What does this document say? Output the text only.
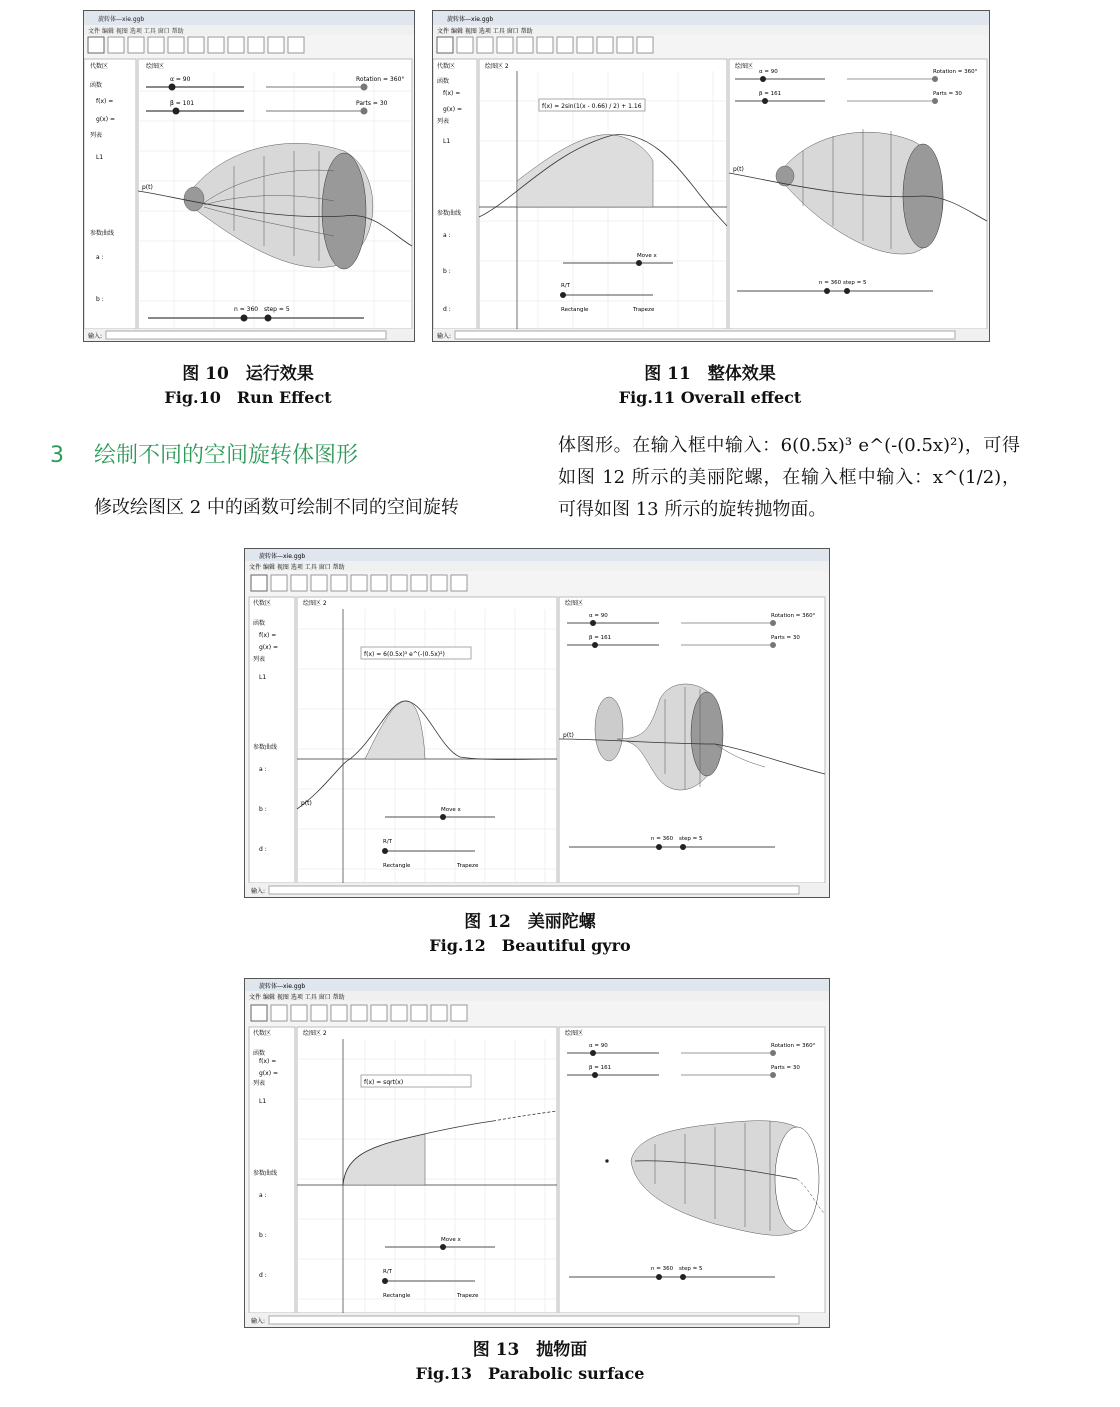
旋转体—xie.ggb
文件 编辑 视图 选项 工具 窗口 帮助
代数区
函数
f(x) =
g(x) =
列表
L1
参数曲线
a :
b :
绘图区
α = 90
β = 101
Rotation = 360°
Parts = 30
n = 360 step = 5
p(t)
输入:
图 10　运行效果
Fig.10　Run Effect
旋转体—xie.ggb
文件 编辑 视图 选项 工具 窗口 帮助
代数区
函数
f(x) =
g(x) =
列表
L1
参数曲线
a :
b :
d :
绘图区 2
f(x) = 2sin(1(x - 0.66) / 2) + 1.16
Move x
R/T
Rectangle	Trapeze
绘图区
α = 90
β = 161
Rotation = 360°
Parts = 30
n = 360 step = 5
p(t)
输入:
图 11　整体效果
Fig.11 Overall effect
3 绘制不同的空间旋转体图形
修改绘图区 2 中的函数可绘制不同的空间旋转
体图形。在输入框中输入：6(0.5x)³ e^(-(0.5x)²)，可得如图 12 所示的美丽陀螺，在输入框中输入：x^(1/2)，可得如图 13 所示的旋转抛物面。
旋转体—xie.ggb
文件 编辑 视图 选项 工具 窗口 帮助
代数区
函数
f(x) =
g(x) =
列表
L1
参数曲线
a :
b :
d :
绘图区 2
f(x) = 6(0.5x)³ e^(-(0.5x)²)
p(t)
Move x
R/T
Rectangle	Trapeze
绘图区
α = 90
β = 161
Rotation = 360°
Parts = 30
n = 360 step = 5
p(t)
输入:
图 12　美丽陀螺
Fig.12　Beautiful gyro
旋转体—xie.ggb
文件 编辑 视图 选项 工具 窗口 帮助
代数区
函数
f(x) =
g(x) =
列表
L1
参数曲线
a :
b :
d :
绘图区 2
f(x) = sqrt(x)
Move x
R/T
Rectangle	Trapeze
绘图区
α = 90
β = 161
Rotation = 360°
Parts = 30
n = 360 step = 5
输入:
图 13　抛物面
Fig.13　Parabolic surface
